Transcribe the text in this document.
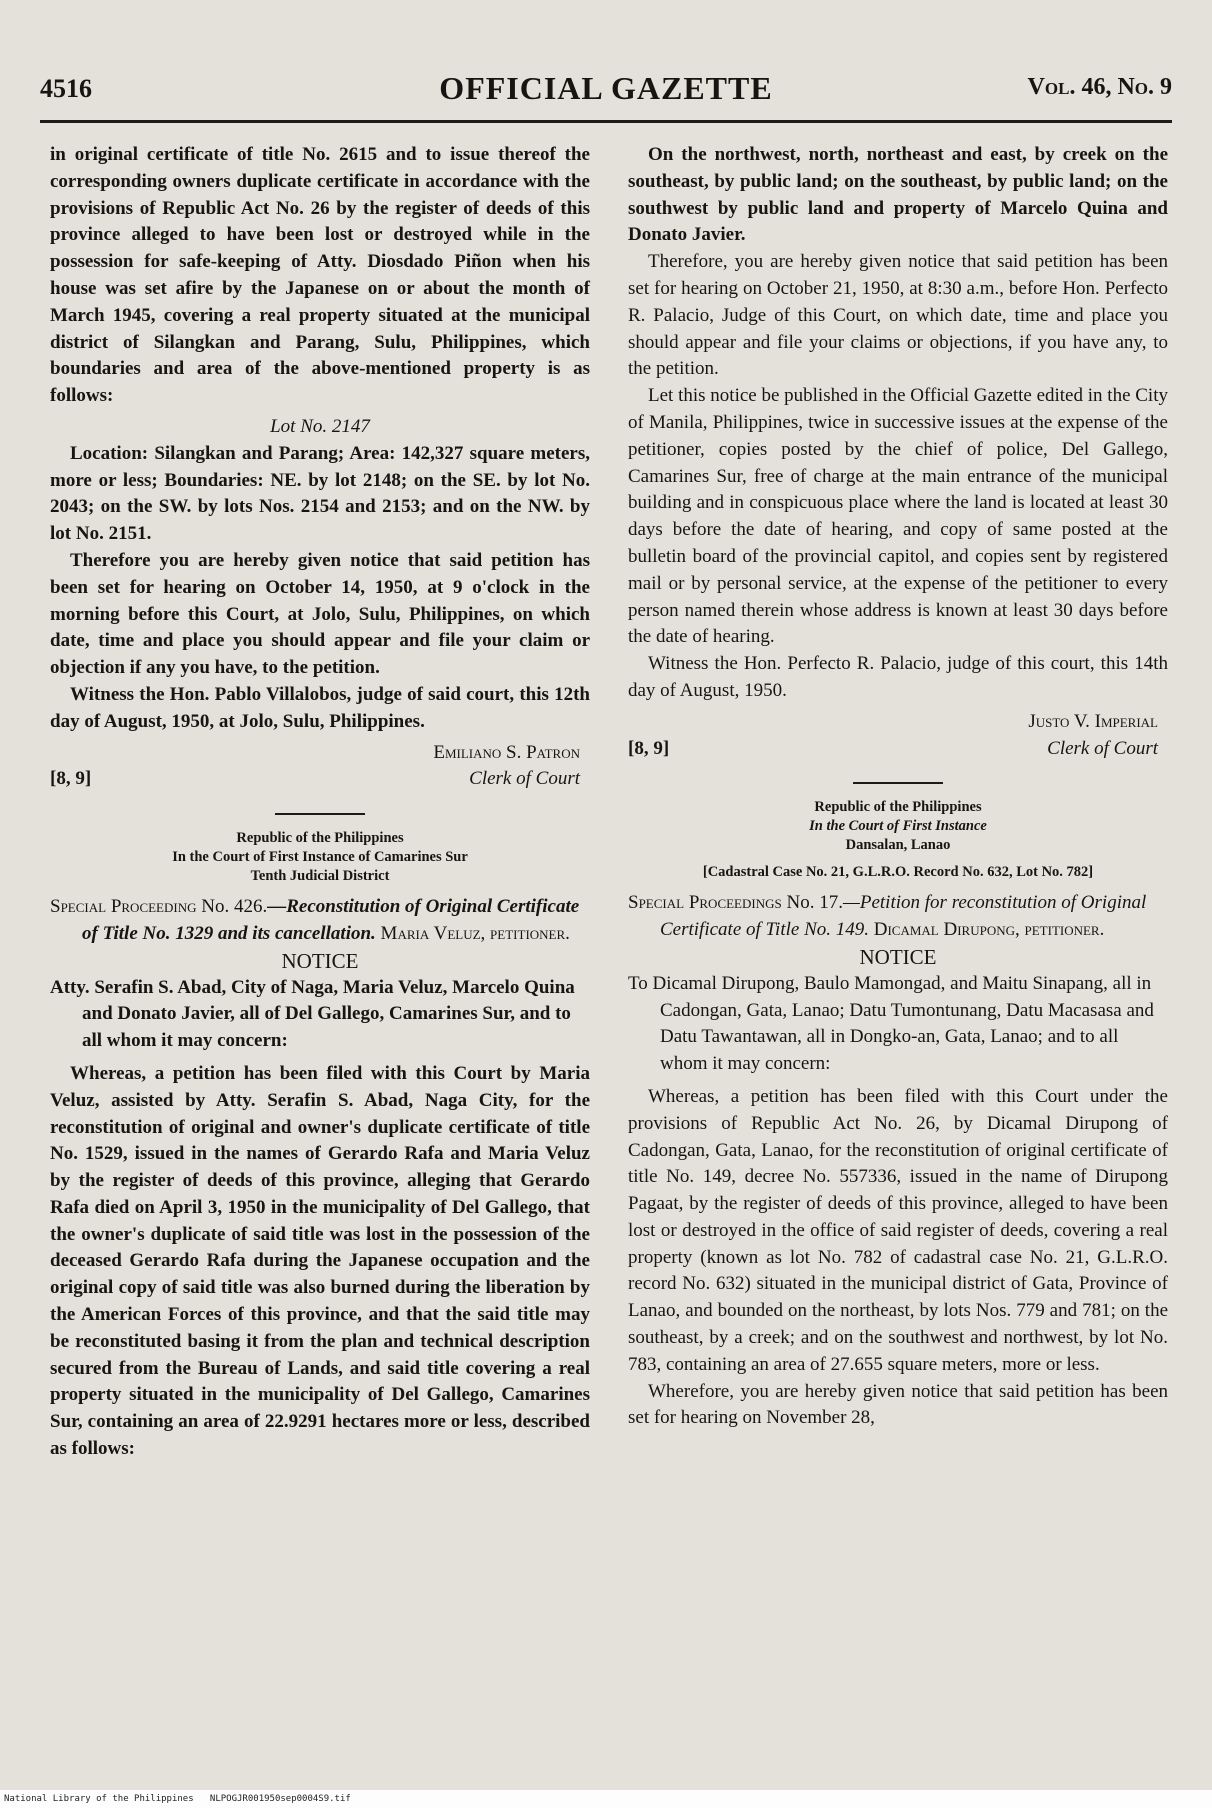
4516	OFFICIAL GAZETTE	Vol. 46, No. 9

in original certificate of title No. 2615 and to issue thereof the corresponding owners duplicate certificate in accordance with the provisions of Republic Act No. 26 by the register of deeds of this province alleged to have been lost or destroyed while in the possession for safe-keeping of Atty. Diosdado Piñon when his house was set afire by the Japanese on or about the month of March 1945, covering a real property situated at the municipal district of Silangkan and Parang, Sulu, Philippines, which boundaries and area of the above-mentioned property is as follows:

Lot No. 2147

Location: Silangkan and Parang; Area: 142,327 square meters, more or less; Boundaries: NE. by lot 2148; on the SE. by lot No. 2043; on the SW. by lots Nos. 2154 and 2153; and on the NW. by lot No. 2151.

Therefore you are hereby given notice that said petition has been set for hearing on October 14, 1950, at 9 o'clock in the morning before this Court, at Jolo, Sulu, Philippines, on which date, time and place you should appear and file your claim or objection if any you have, to the petition.

Witness the Hon. Pablo Villalobos, judge of said court, this 12th day of August, 1950, at Jolo, Sulu, Philippines.

[8, 9]
Emiliano S. Patron
Clerk of Court
Republic of the Philippines
In the Court of First Instance of Camarines Sur
Tenth Judicial District

Special Proceeding No. 426.—Reconstitution of Original Certificate of Title No. 1329 and its cancellation. Maria Veluz, petitioner.

NOTICE

Atty. Serafin S. Abad, City of Naga, Maria Veluz, Marcelo Quina and Donato Javier, all of Del Gallego, Camarines Sur, and to all whom it may concern:

Whereas, a petition has been filed with this Court by Maria Veluz, assisted by Atty. Serafin S. Abad, Naga City, for the reconstitution of original and owner's duplicate certificate of title No. 1529, issued in the names of Gerardo Rafa and Maria Veluz by the register of deeds of this province, alleging that Gerardo Rafa died on April 3, 1950 in the municipality of Del Gallego, that the owner's duplicate of said title was lost in the possession of the deceased Gerardo Rafa during the Japanese occupation and the original copy of said title was also burned during the liberation by the American Forces of this province, and that the said title may be reconstituted basing it from the plan and technical description secured from the Bureau of Lands, and said title covering a real property situated in the municipality of Del Gallego, Camarines Sur, containing an area of 22.9291 hectares more or less, described as follows:

On the northwest, north, northeast and east, by creek on the southeast, by public land; on the southeast, by public land; on the southwest by public land and property of Marcelo Quina and Donato Javier.

Therefore, you are hereby given notice that said petition has been set for hearing on October 21, 1950, at 8:30 a.m., before Hon. Perfecto R. Palacio, Judge of this Court, on which date, time and place you should appear and file your claims or objections, if you have any, to the petition.

Let this notice be published in the Official Gazette edited in the City of Manila, Philippines, twice in successive issues at the expense of the petitioner, copies posted by the chief of police, Del Gallego, Camarines Sur, free of charge at the main entrance of the municipal building and in conspicuous place where the land is located at least 30 days before the date of hearing, and copy of same posted at the bulletin board of the provincial capitol, and copies sent by registered mail or by personal service, at the expense of the petitioner to every person named therein whose address is known at least 30 days before the date of hearing.

Witness the Hon. Perfecto R. Palacio, judge of this court, this 14th day of August, 1950.

[8, 9]
Justo V. Imperial
Clerk of Court
Republic of the Philippines
In the Court of First Instance
Dansalan, Lanao
[Cadastral Case No. 21, G.L.R.O. Record No. 632, Lot No. 782]

Special Proceedings No. 17.—Petition for reconstitution of Original Certificate of Title No. 149. Dicamal Dirupong, petitioner.

NOTICE

To Dicamal Dirupong, Baulo Mamongad, and Maitu Sinapang, all in Cadongan, Gata, Lanao; Datu Tumontunang, Datu Macasasa and Datu Tawantawan, all in Dongko-an, Gata, Lanao; and to all whom it may concern:

Whereas, a petition has been filed with this Court under the provisions of Republic Act No. 26, by Dicamal Dirupong of Cadongan, Gata, Lanao, for the reconstitution of original certificate of title No. 149, decree No. 557336, issued in the name of Dirupong Pagaat, by the register of deeds of this province, alleged to have been lost or destroyed in the office of said register of deeds, covering a real property (known as lot No. 782 of cadastral case No. 21, G.L.R.O. record No. 632) situated in the municipal district of Gata, Province of Lanao, and bounded on the northeast, by lots Nos. 779 and 781; on the southeast, by a creek; and on the southwest and northwest, by lot No. 783, containing an area of 27.655 square meters, more or less.

Wherefore, you are hereby given notice that said petition has been set for hearing on November 28,

National Library of the Philippines NLPOGJR001950sep0004S9.tif
